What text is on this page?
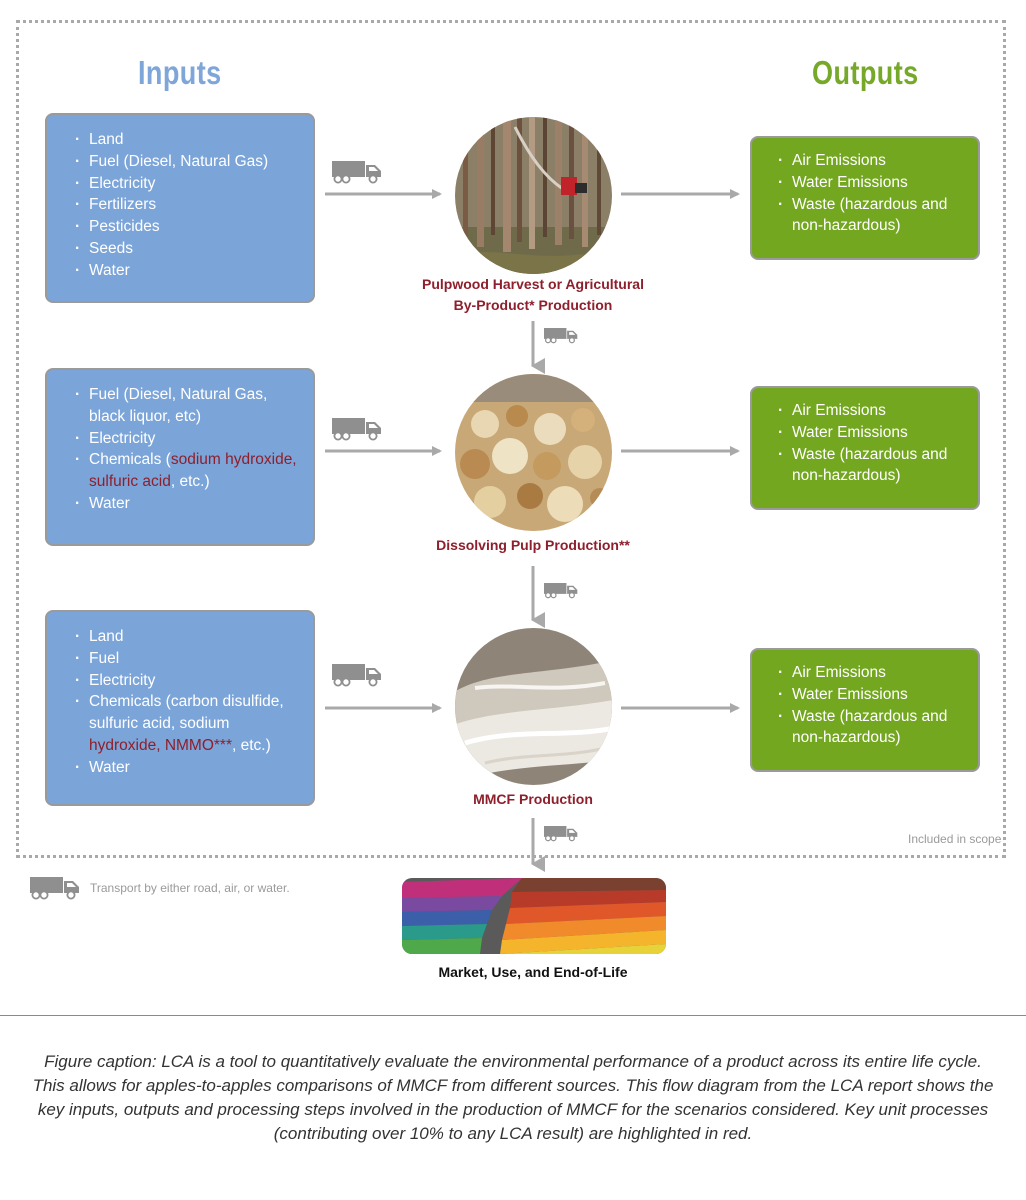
Inputs	Outputs
· Land
· Fuel (Diesel, Natural Gas)
· Electricity
· Fertilizers
· Pesticides
· Seeds
· Water
Pulpwood Harvest or Agricultural
By-Product* Production
· Air Emissions
· Water Emissions
· Waste (hazardous and
non-hazardous)
· Fuel (Diesel, Natural Gas,
black liquor, etc)
· Electricity
· Chemicals (sodium hydroxide,
sulfuric acid, etc.)
· Water
Dissolving Pulp Production**
· Air Emissions
· Water Emissions
· Waste (hazardous and
non-hazardous)
· Land
· Fuel
· Electricity
· Chemicals (carbon disulfide,
sulfuric acid, sodium
hydroxide, NMMO***, etc.)
· Water
MMCF Production
· Air Emissions
· Water Emissions
· Waste (hazardous and
non-hazardous)
Included in scope
Transport by either road, air, or water.
Market, Use, and End-of-Life
Figure caption: LCA is a tool to quantitatively evaluate the environmental performance of a product across its entire life cycle. This allows for apples-to-apples comparisons of MMCF from different sources. This flow diagram from the LCA report shows the key inputs, outputs and processing steps involved in the production of MMCF for the scenarios considered. Key unit processes (contributing over 10% to any LCA result) are highlighted in red.
